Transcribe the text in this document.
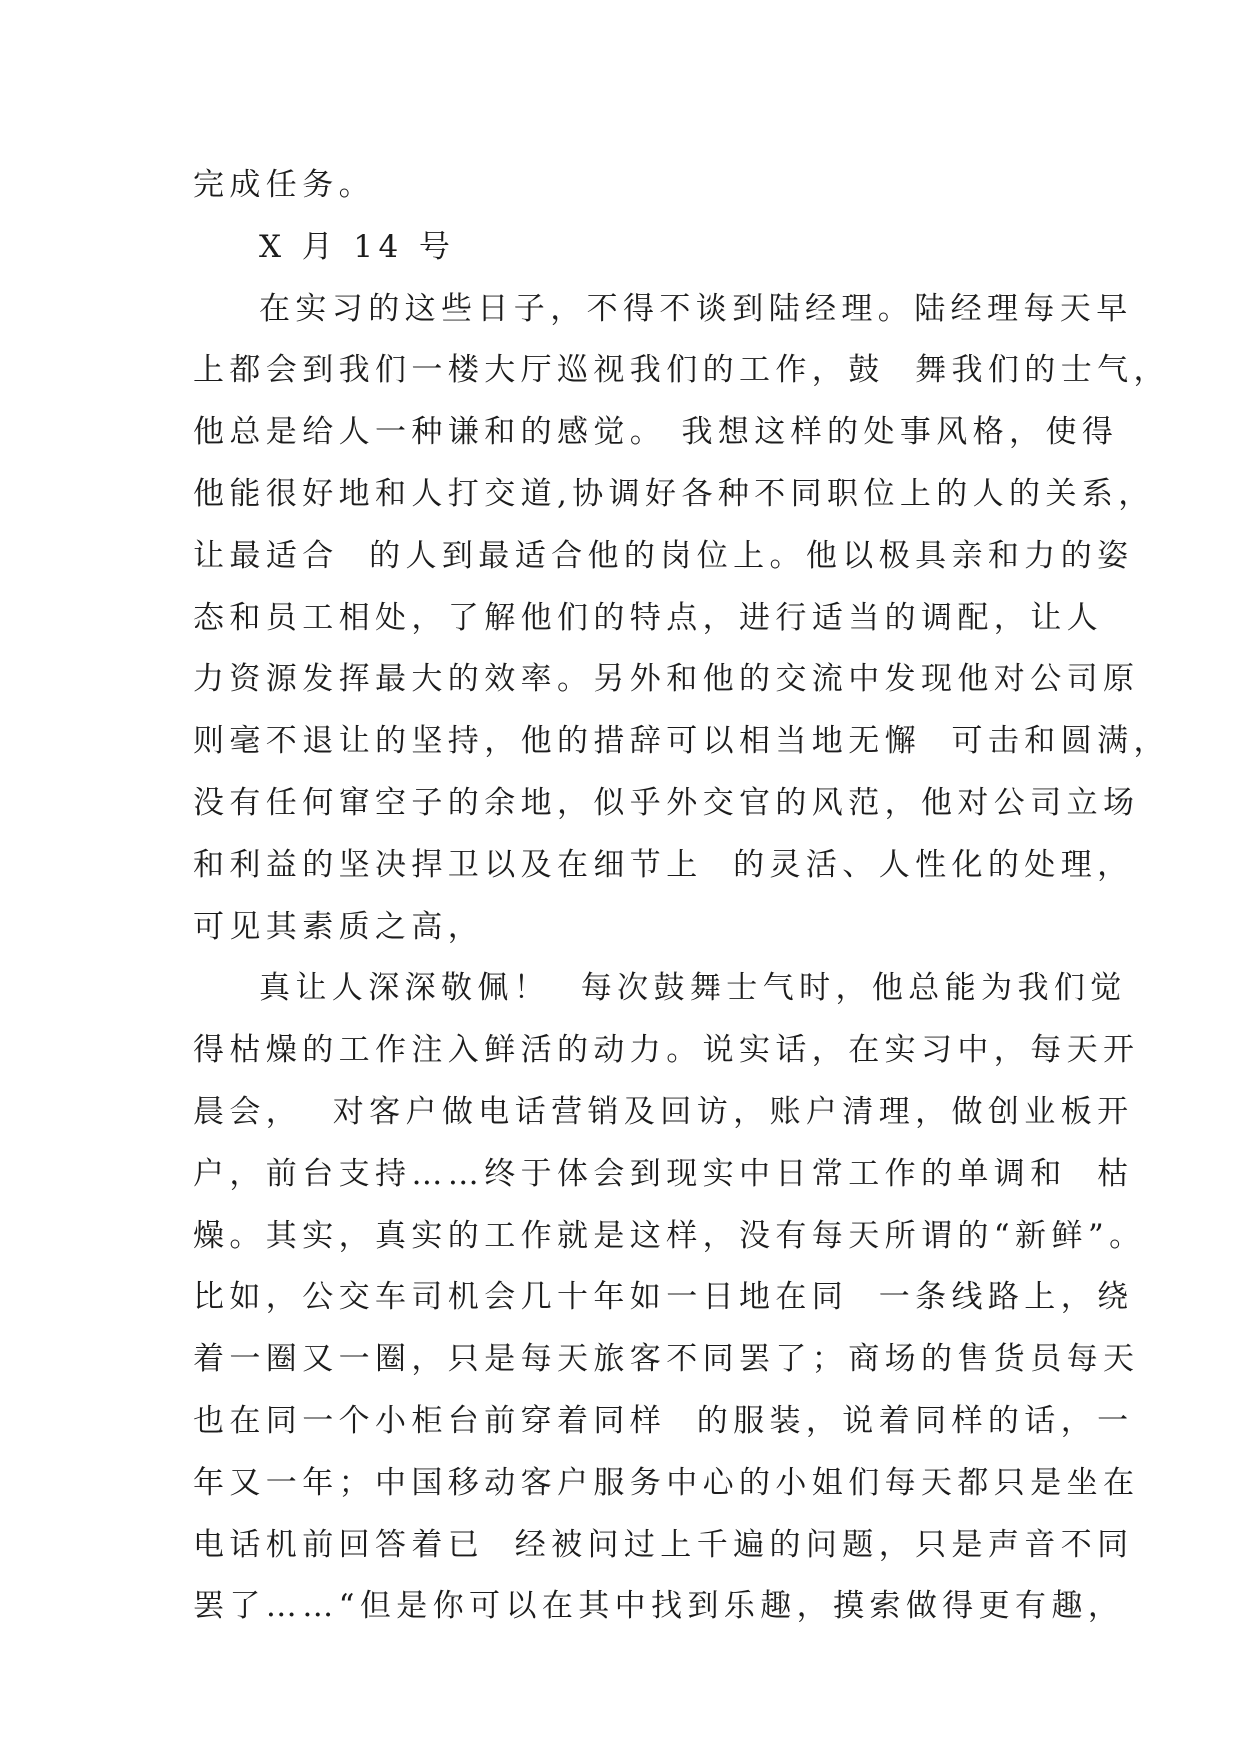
完成任务。
X 月 14 号
在实习的这些日子，不得不谈到陆经理。陆经理每天早
上都会到我们一楼大厅巡视我们的工作，鼓  舞我们的士气，
他总是给人一种谦和的感觉。 我想这样的处事风格，使得
他能很好地和人打交道,协调好各种不同职位上的人的关系，
让最适合  的人到最适合他的岗位上。他以极具亲和力的姿
态和员工相处，了解他们的特点，进行适当的调配，让人
力资源发挥最大的效率。另外和他的交流中发现他对公司原
则毫不退让的坚持，他的措辞可以相当地无懈  可击和圆满，
没有任何窜空子的余地，似乎外交官的风范，他对公司立场
和利益的坚决捍卫以及在细节上  的灵活、人性化的处理，
可见其素质之高，
真让人深深敬佩！  每次鼓舞士气时，他总能为我们觉
得枯燥的工作注入鲜活的动力。说实话，在实习中，每天开
晨会，  对客户做电话营销及回访，账户清理，做创业板开
户，前台支持……终于体会到现实中日常工作的单调和  枯
燥。其实，真实的工作就是这样，没有每天所谓的“新鲜”。
比如，公交车司机会几十年如一日地在同  一条线路上，绕
着一圈又一圈，只是每天旅客不同罢了；商场的售货员每天
也在同一个小柜台前穿着同样  的服装，说着同样的话，一
年又一年；中国移动客户服务中心的小姐们每天都只是坐在
电话机前回答着已  经被问过上千遍的问题，只是声音不同
罢了……“但是你可以在其中找到乐趣，摸索做得更有趣，
